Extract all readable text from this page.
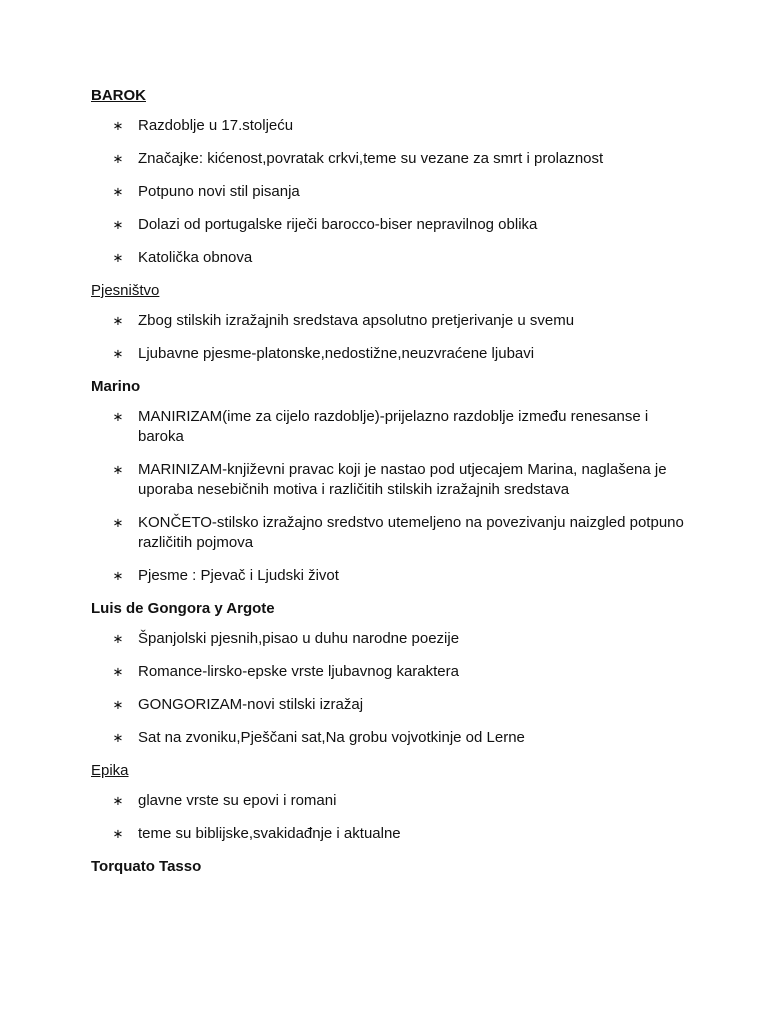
BAROK

∗ Razdoblje u 17.stoljeću
∗ Značajke: kićenost,povratak crkvi,teme su vezane za smrt i prolaznost
∗ Potpuno novi stil pisanja
∗ Dolazi od portugalske riječi barocco-biser nepravilnog oblika
∗ Katolička obnova

Pjesništvo

∗ Zbog stilskih izražajnih sredstava apsolutno pretjerivanje u svemu
∗ Ljubavne pjesme-platonske,nedostižne,neuzvraćene ljubavi

Marino

∗ MANIRIZAM(ime za cijelo razdoblje)-prijelazno razdoblje između renesanse i baroka
∗ MARINIZAM-književni pravac koji je nastao pod utjecajem Marina, naglašena je uporaba nesebičnih motiva i različitih stilskih izražajnih sredstava
∗ KONČETO-stilsko izražajno sredstvo utemeljeno na povezivanju naizgled potpuno različitih pojmova
∗ Pjesme : Pjevač i Ljudski život

Luis de Gongora y Argote

∗ Španjolski pjesnih,pisao u duhu narodne poezije
∗ Romance-lirsko-epske vrste ljubavnog karaktera
∗ GONGORIZAM-novi stilski izražaj
∗ Sat na zvoniku,Pješčani sat,Na grobu vojvotkinje od Lerne

Epika

∗ glavne vrste su epovi i romani
∗ teme su biblijske,svakidađnje i aktualne

Torquato Tasso
